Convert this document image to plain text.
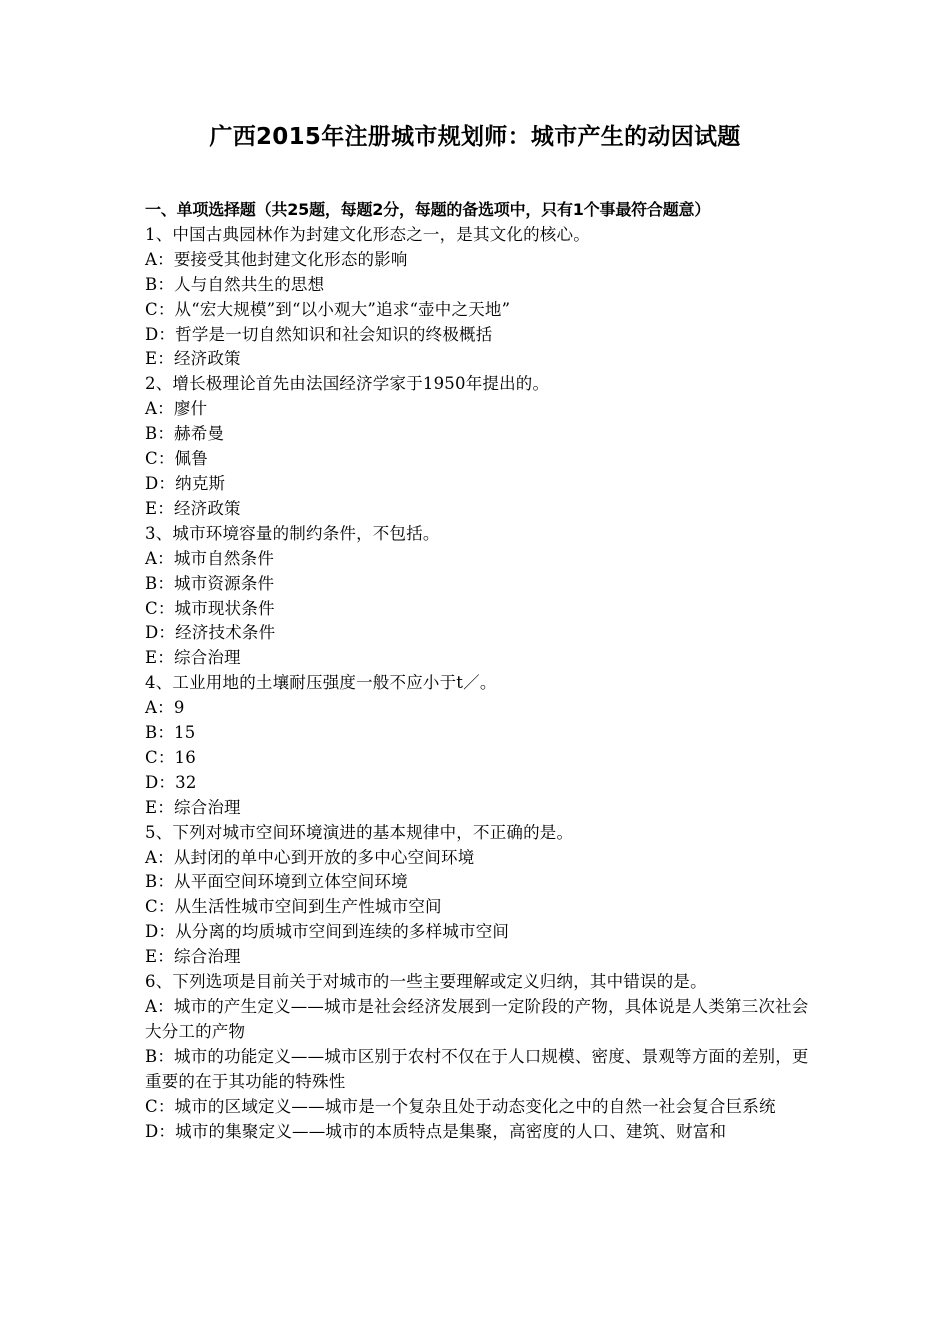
广西2015年注册城市规划师：城市产生的动因试题

一、单项选择题（共25题，每题2分，每题的备选项中，只有1个事最符合题意）

1、中国古典园林作为封建文化形态之一，是其文化的核心。

A：要接受其他封建文化形态的影响

B：人与自然共生的思想

C：从“宏大规模”到“以小观大”追求“壶中之天地”

D：哲学是一切自然知识和社会知识的终极概括

E：经济政策

2、增长极理论首先由法国经济学家于1950年提出的。

A：廖什

B：赫希曼

C：佩鲁

D：纳克斯

E：经济政策

3、城市环境容量的制约条件，不包括。

A：城市自然条件

B：城市资源条件

C：城市现状条件

D：经济技术条件

E：综合治理

4、工业用地的土壤耐压强度一般不应小于t／。

A：9

B：15

C：16

D：32

E：综合治理

5、下列对城市空间环境演进的基本规律中，不正确的是。

A：从封闭的单中心到开放的多中心空间环境

B：从平面空间环境到立体空间环境

C：从生活性城市空间到生产性城市空间

D：从分离的均质城市空间到连续的多样城市空间

E：综合治理

6、下列选项是目前关于对城市的一些主要理解或定义归纳，其中错误的是。

A：城市的产生定义——城市是社会经济发展到一定阶段的产物，具体说是人类第三次社会大分工的产物

B：城市的功能定义——城市区别于农村不仅在于人口规模、密度、景观等方面的差别，更重要的在于其功能的特殊性

C：城市的区域定义——城市是一个复杂且处于动态变化之中的自然一社会复合巨系统

D：城市的集聚定义——城市的本质特点是集聚，高密度的人口、建筑、财富和
